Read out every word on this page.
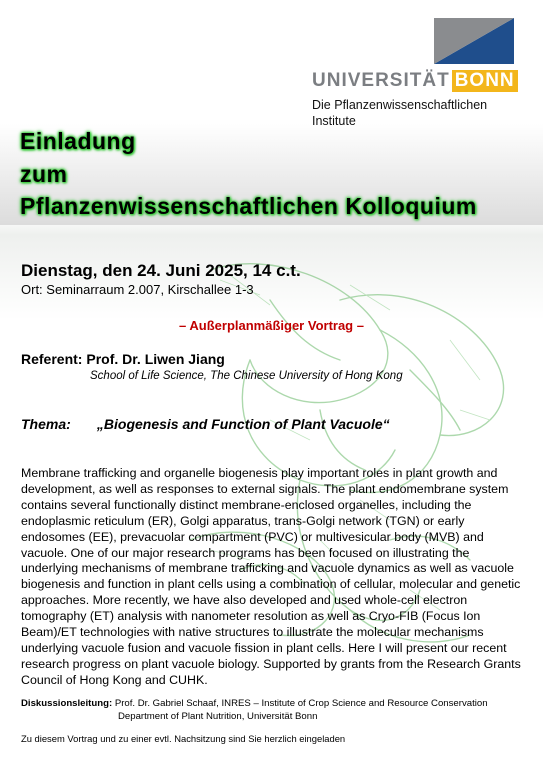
UNIVERSITÄT BONN
Die Pflanzenwissenschaftlichen
Institute
Einladung
zum
Pflanzenwissenschaftlichen Kolloquium
Dienstag, den 24. Juni 2025, 14 c.t.
Ort: Seminarraum 2.007, Kirschallee 1-3
– Außerplanmäßiger Vortrag –
Referent: Prof. Dr. Liwen Jiang
School of Life Science, The Chinese University of Hong Kong
Thema: „Biogenesis and Function of Plant Vacuole“
Membrane trafficking and organelle biogenesis play important roles in plant growth and development, as well as responses to external signals. The plant endomembrane system contains several functionally distinct membrane-enclosed organelles, including the endoplasmic reticulum (ER), Golgi apparatus, trans-Golgi network (TGN) or early endosomes (EE), prevacuolar compartment (PVC) or multivesicular body (MVB) and vacuole. One of our major research programs has been focused on illustrating the underlying mechanisms of membrane trafficking and vacuole dynamics as well as vacuole biogenesis and function in plant cells using a combination of cellular, molecular and genetic approaches. More recently, we have also developed and used whole-cell electron tomography (ET) analysis with nanometer resolution as well as Cryo-FIB (Focus Ion Beam)/ET technologies with native structures to illustrate the molecular mechanisms underlying vacuole fusion and vacuole fission in plant cells. Here I will present our recent research progress on plant vacuole biology. Supported by grants from the Research Grants Council of Hong Kong and CUHK.
Diskussionsleitung: Prof. Dr. Gabriel Schaaf, INRES – Institute of Crop Science and Resource Conservation
Department of Plant Nutrition, Universität Bonn
Zu diesem Vortrag und zu einer evtl. Nachsitzung sind Sie herzlich eingeladen
